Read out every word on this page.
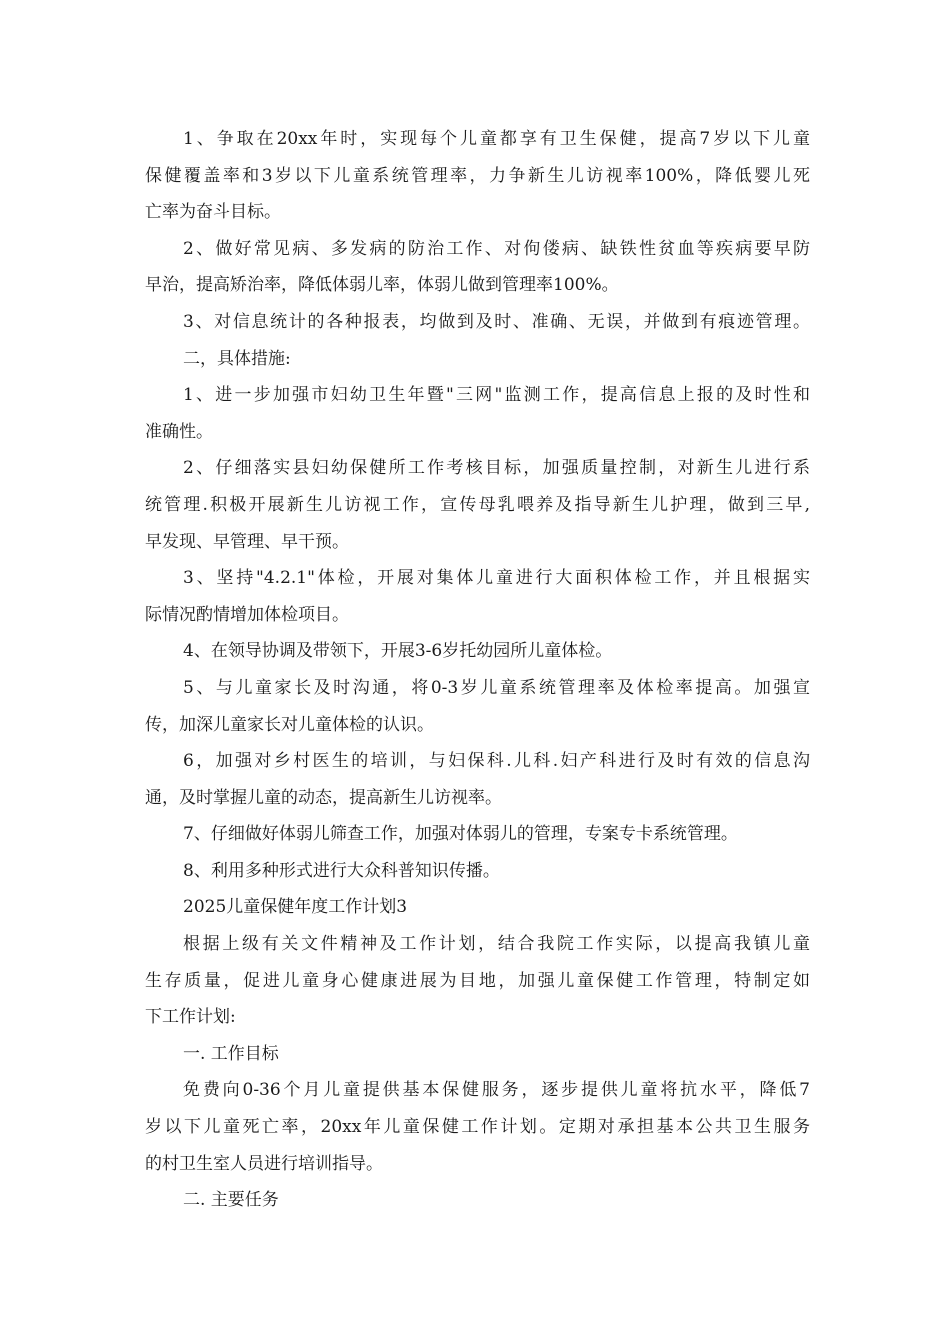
1、争取在20xx年时，实现每个儿童都享有卫生保健，提高7岁以下儿童
保健覆盖率和3岁以下儿童系统管理率，力争新生儿访视率100%，降低婴儿死
亡率为奋斗目标。
2、做好常见病、多发病的防治工作、对佝偻病、缺铁性贫血等疾病要早防
早治，提高矫治率，降低体弱儿率，体弱儿做到管理率100%。
3、对信息统计的各种报表，均做到及时、准确、无误，并做到有痕迹管理。
二，具体措施:
1、进一步加强市妇幼卫生年暨"三网"监测工作，提高信息上报的及时性和
准确性。
2、仔细落实县妇幼保健所工作考核目标，加强质量控制，对新生儿进行系
统管理.积极开展新生儿访视工作，宣传母乳喂养及指导新生儿护理，做到三早,
早发现、早管理、早干预。
3、坚持"4.2.1"体检，开展对集体儿童进行大面积体检工作，并且根据实
际情况酌情增加体检项目。
4、在领导协调及带领下，开展3-6岁托幼园所儿童体检。
5、与儿童家长及时沟通，将0-3岁儿童系统管理率及体检率提高。加强宣
传，加深儿童家长对儿童体检的认识。
6，加强对乡村医生的培训，与妇保科.儿科.妇产科进行及时有效的信息沟
通，及时掌握儿童的动态，提高新生儿访视率。
7、仔细做好体弱儿筛查工作，加强对体弱儿的管理，专案专卡系统管理。
8、利用多种形式进行大众科普知识传播。
2025儿童保健年度工作计划3
根据上级有关文件精神及工作计划，结合我院工作实际，以提高我镇儿童
生存质量，促进儿童身心健康进展为目地，加强儿童保健工作管理，特制定如
下工作计划:
一. 工作目标
免费向0-36个月儿童提供基本保健服务，逐步提供儿童将抗水平，降低7
岁以下儿童死亡率，20xx年儿童保健工作计划。定期对承担基本公共卫生服务
的村卫生室人员进行培训指导。
二. 主要任务
